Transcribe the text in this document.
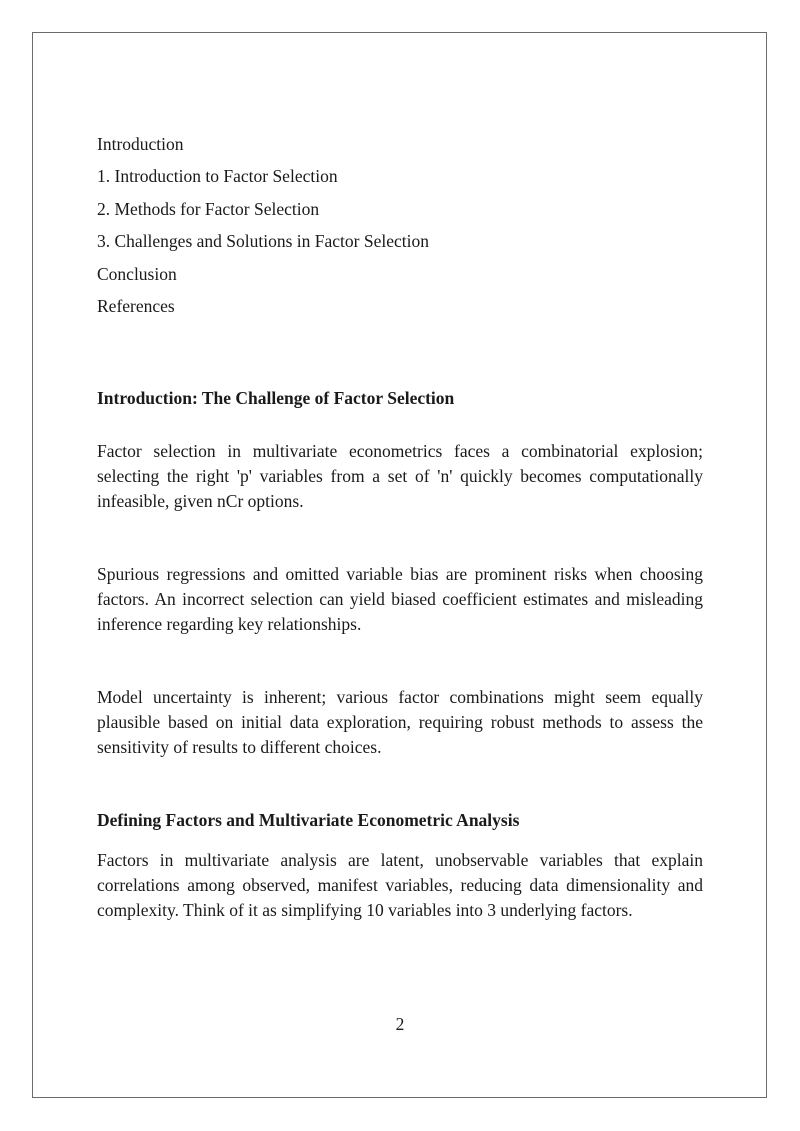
Introduction

1. Introduction to Factor Selection

2. Methods for Factor Selection

3. Challenges and Solutions in Factor Selection

Conclusion

References

Introduction: The Challenge of Factor Selection

Factor selection in multivariate econometrics faces a combinatorial explosion; selecting the right 'p' variables from a set of 'n' quickly becomes computationally infeasible, given nCr options.

Spurious regressions and omitted variable bias are prominent risks when choosing factors. An incorrect selection can yield biased coefficient estimates and misleading inference regarding key relationships.

Model uncertainty is inherent; various factor combinations might seem equally plausible based on initial data exploration, requiring robust methods to assess the sensitivity of results to different choices.

Defining Factors and Multivariate Econometric Analysis

Factors in multivariate analysis are latent, unobservable variables that explain correlations among observed, manifest variables, reducing data dimensionality and complexity. Think of it as simplifying 10 variables into 3 underlying factors.

2
